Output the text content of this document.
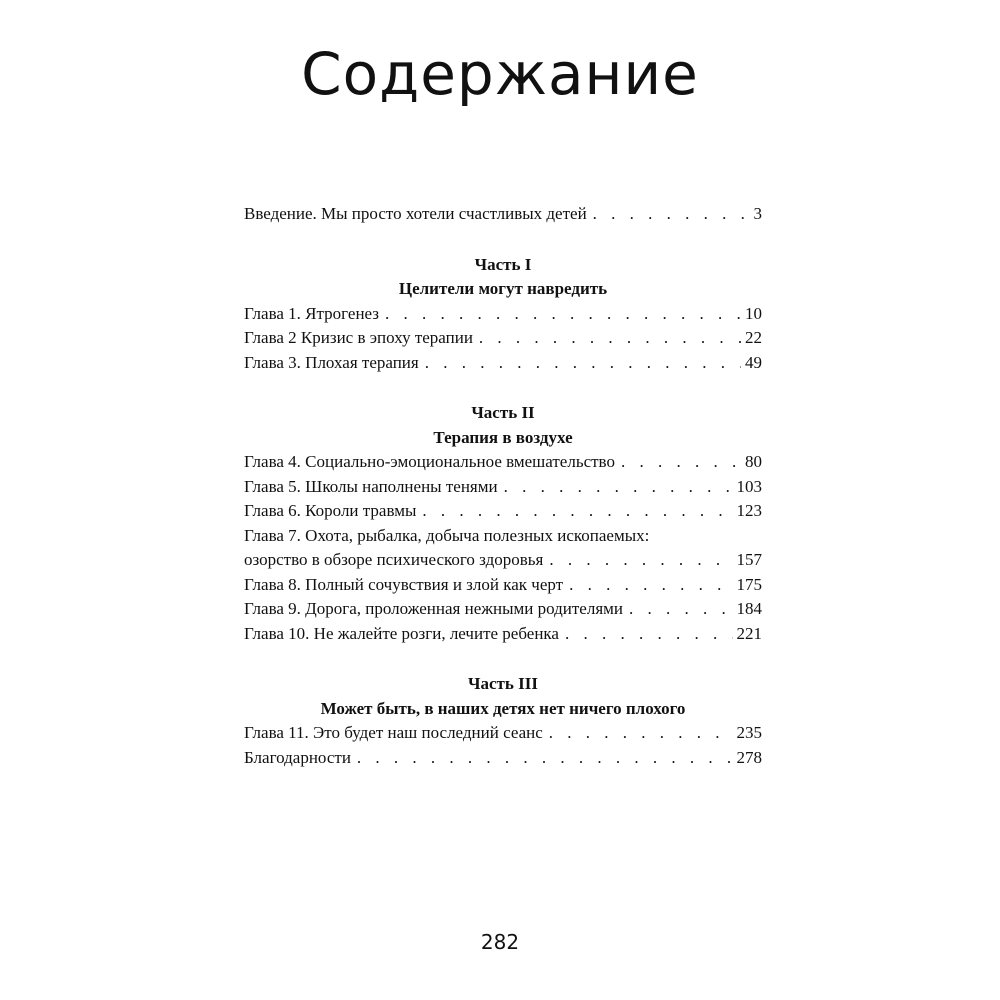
Содержание
Введение. Мы просто хотели счастливых детей . . .	3
Часть I
Целители могут навредить
Глава 1. Ятрогенез . . .	10
Глава 2 Кризис в эпоху терапии . . .	22
Глава 3. Плохая терапия . . .	49
Часть II
Терапия в воздухе
Глава 4. Социально-эмоциональное вмешательство . . .	80
Глава 5. Школы наполнены тенями . . .	103
Глава 6. Короли травмы . . .	123
Глава 7. Охота, рыбалка, добыча полезных ископаемых:
озорство в обзоре психического здоровья . . .	157
Глава 8. Полный сочувствия и злой как черт . . .	175
Глава 9. Дорога, проложенная нежными родителями . . .	184
Глава 10. Не жалейте розги, лечите ребенка . . .	221
Часть III
Может быть, в наших детях нет ничего плохого
Глава 11. Это будет наш последний сеанс . . .	235
Благодарности . . .	278
282
